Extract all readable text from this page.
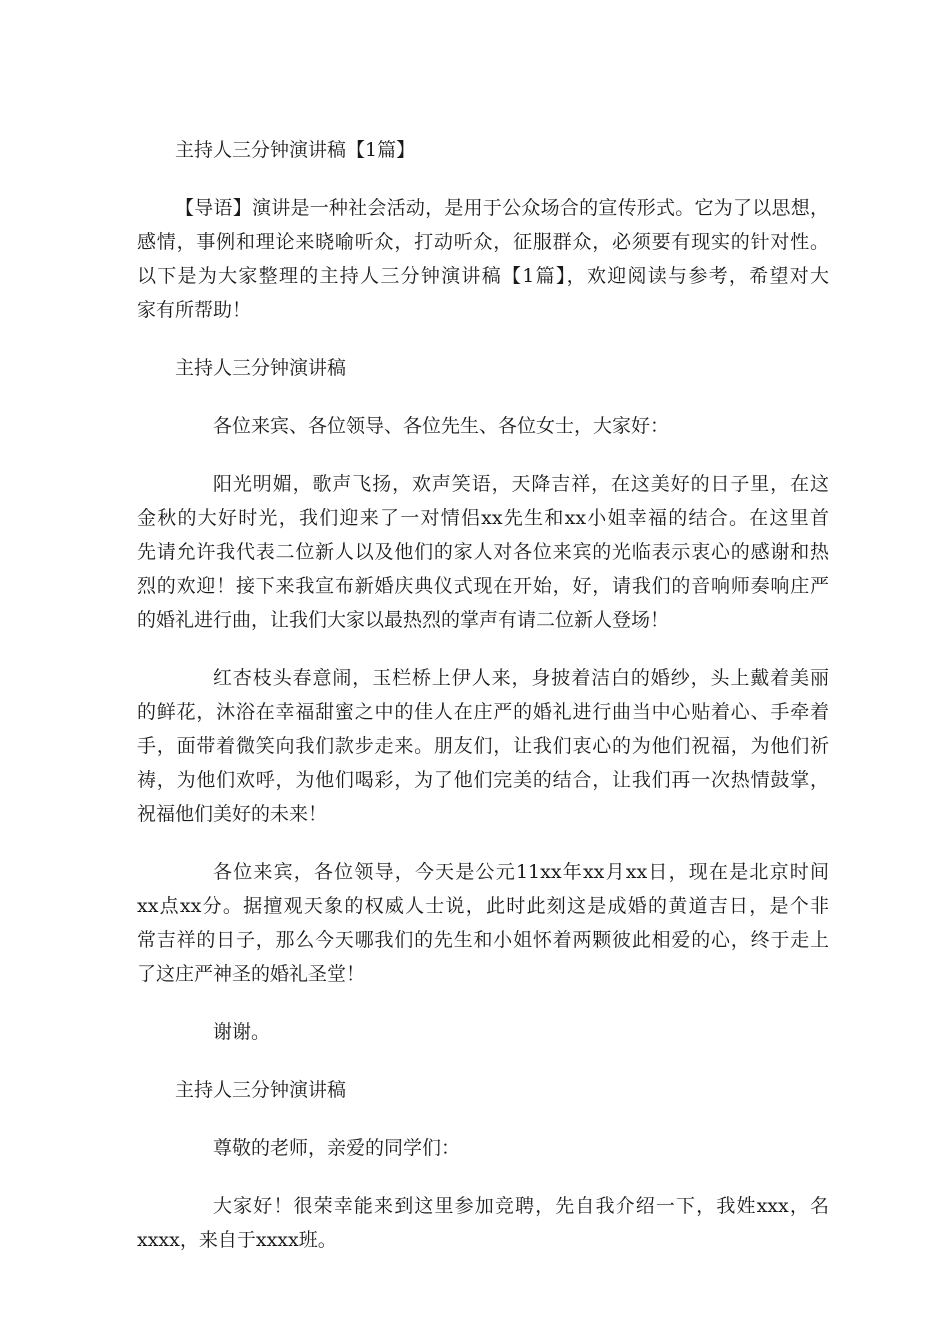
主持人三分钟演讲稿【1篇】
【导语】演讲是一种社会活动，是用于公众场合的宣传形式。它为了以思想，
感情，事例和理论来晓喻听众，打动听众，征服群众，必须要有现实的针对性。
以下是为大家整理的主持人三分钟演讲稿【1篇】，欢迎阅读与参考，希望对大
家有所帮助！
主持人三分钟演讲稿
各位来宾、各位领导、各位先生、各位女士，大家好：
阳光明媚，歌声飞扬，欢声笑语，天降吉祥，在这美好的日子里，在这
金秋的大好时光，我们迎来了一对情侣xx先生和xx小姐幸福的结合。在这里首
先请允许我代表二位新人以及他们的家人对各位来宾的光临表示衷心的感谢和热
烈的欢迎！接下来我宣布新婚庆典仪式现在开始，好，请我们的音响师奏响庄严
的婚礼进行曲，让我们大家以最热烈的掌声有请二位新人登场！
红杏枝头春意闹，玉栏桥上伊人来，身披着洁白的婚纱，头上戴着美丽
的鲜花，沐浴在幸福甜蜜之中的佳人在庄严的婚礼进行曲当中心贴着心、手牵着
手，面带着微笑向我们款步走来。朋友们，让我们衷心的为他们祝福，为他们祈
祷，为他们欢呼，为他们喝彩，为了他们完美的结合，让我们再一次热情鼓掌，
祝福他们美好的未来！
各位来宾，各位领导，今天是公元11xx年xx月xx日，现在是北京时间
xx点xx分。据擅观天象的权威人士说，此时此刻这是成婚的黄道吉日，是个非
常吉祥的日子，那么今天哪我们的先生和小姐怀着两颗彼此相爱的心，终于走上
了这庄严神圣的婚礼圣堂！
谢谢。
主持人三分钟演讲稿
尊敬的老师，亲爱的同学们：
大家好！很荣幸能来到这里参加竞聘，先自我介绍一下，我姓xxx，名
xxxx，来自于xxxx班。
